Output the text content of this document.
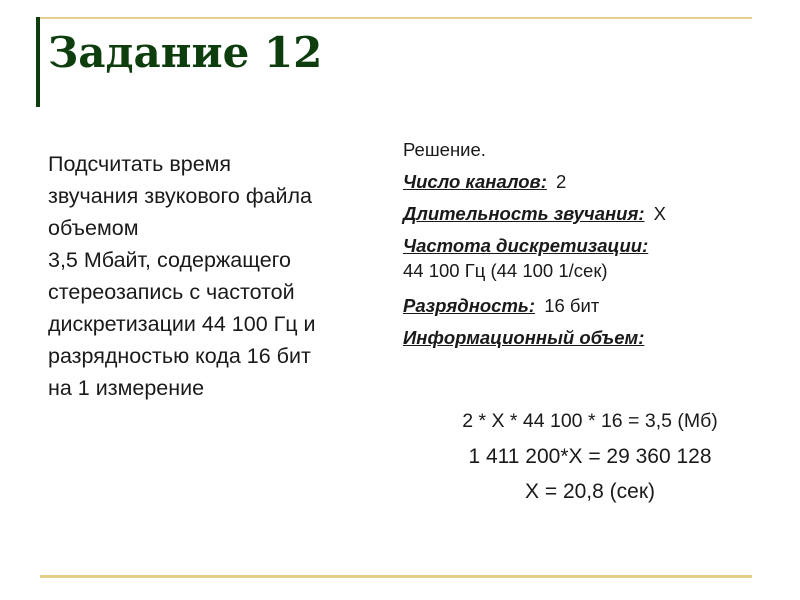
Задание 12
Подсчитать время
звучания звукового файла
объемом
3,5 Мбайт, содержащего
стереозапись с частотой
дискретизации 44 100 Гц и
разрядностью кода 16 бит
на 1 измерение
Решение.
Число каналов: 2
Длительность звучания: Х
Частота дискретизации:
44 100 Гц (44 100 1/сек)
Разрядность: 16 бит
Информационный объем:
2 * Х * 44 100 * 16 = 3,5 (Мб)
1 411 200*Х = 29 360 128
Х = 20,8 (сек)
